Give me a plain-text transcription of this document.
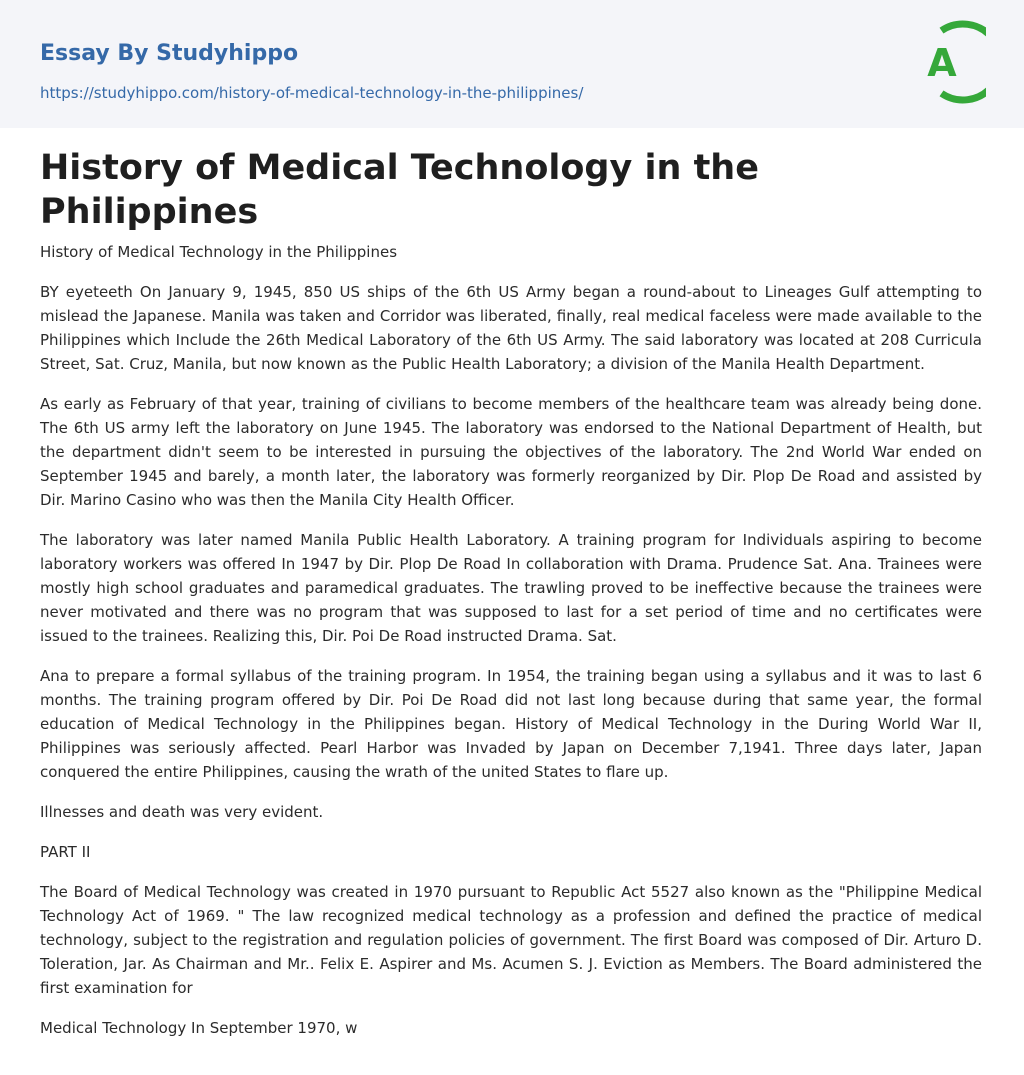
Essay By Studyhippo
https://studyhippo.com/history-of-medical-technology-in-the-philippines/
A
History of Medical Technology in the Philippines
History of Medical Technology in the Philippines

BY eyeteeth On January 9, 1945, 850 US ships of the 6th US Army began a round-about to Lineages Gulf attempting to mislead the Japanese. Manila was taken and Corridor was liberated, finally, real medical faceless were made available to the Philippines which Include the 26th Medical Laboratory of the 6th US Army. The said laboratory was located at 208 Curricula Street, Sat. Cruz, Manila, but now known as the Public Health Laboratory; a division of the Manila Health Department.

As early as February of that year, training of civilians to become members of the healthcare team was already being done. The 6th US army left the laboratory on June 1945. The laboratory was endorsed to the National Department of Health, but the department didn't seem to be interested in pursuing the objectives of the laboratory. The 2nd World War ended on September 1945 and barely, a month later, the laboratory was formerly reorganized by Dir. Plop De Road and assisted by Dir. Marino Casino who was then the Manila City Health Officer.

The laboratory was later named Manila Public Health Laboratory. A training program for Individuals aspiring to become laboratory workers was offered In 1947 by Dir. Plop De Road In collaboration with Drama. Prudence Sat. Ana. Trainees were mostly high school graduates and paramedical graduates. The trawling proved to be ineffective because the trainees were never motivated and there was no program that was supposed to last for a set period of time and no certificates were issued to the trainees. Realizing this, Dir. Poi De Road instructed Drama. Sat.

Ana to prepare a formal syllabus of the training program. In 1954, the training began using a syllabus and it was to last 6 months. The training program offered by Dir. Poi De Road did not last long because during that same year, the formal education of Medical Technology in the Philippines began. History of Medical Technology in the During World War II, Philippines was seriously affected. Pearl Harbor was Invaded by Japan on December 7,1941. Three days later, Japan conquered the entire Philippines, causing the wrath of the united States to flare up.

Illnesses and death was very evident.

PART II

The Board of Medical Technology was created in 1970 pursuant to Republic Act 5527 also known as the "Philippine Medical Technology Act of 1969. " The law recognized medical technology as a profession and defined the practice of medical technology, subject to the registration and regulation policies of government. The first Board was composed of Dir. Arturo D. Toleration, Jar. As Chairman and Mr.. Felix E. Aspirer and Ms. Acumen S. J. Eviction as Members. The Board administered the first examination for

Medical Technology In September 1970, w
